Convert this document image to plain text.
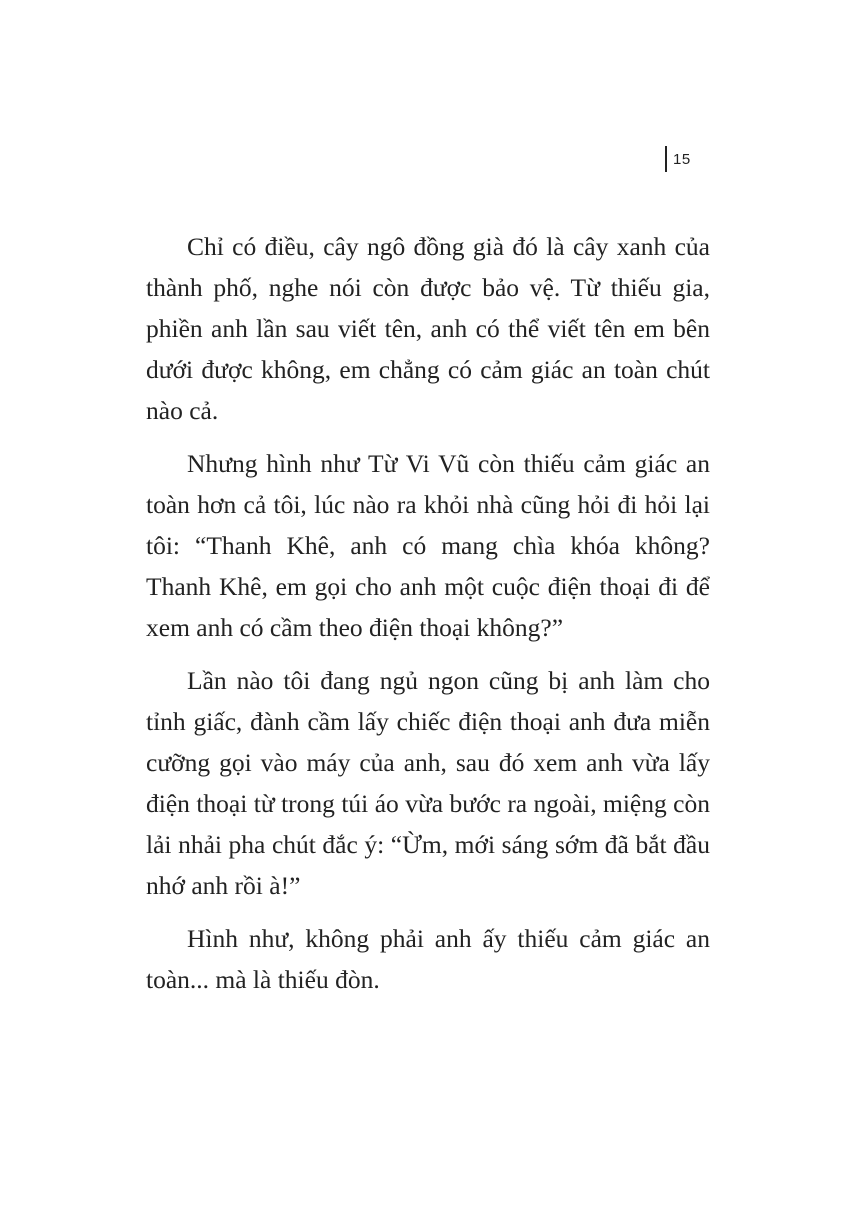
15

Chỉ có điều, cây ngô đồng già đó là cây xanh của thành phố, nghe nói còn được bảo vệ. Từ thiếu gia, phiền anh lần sau viết tên, anh có thể viết tên em bên dưới được không, em chẳng có cảm giác an toàn chút nào cả.

Nhưng hình như Từ Vi Vũ còn thiếu cảm giác an toàn hơn cả tôi, lúc nào ra khỏi nhà cũng hỏi đi hỏi lại tôi: “Thanh Khê, anh có mang chìa khóa không? Thanh Khê, em gọi cho anh một cuộc điện thoại đi để xem anh có cầm theo điện thoại không?”

Lần nào tôi đang ngủ ngon cũng bị anh làm cho tỉnh giấc, đành cầm lấy chiếc điện thoại anh đưa miễn cưỡng gọi vào máy của anh, sau đó xem anh vừa lấy điện thoại từ trong túi áo vừa bước ra ngoài, miệng còn lải nhải pha chút đắc ý: “Ừm, mới sáng sớm đã bắt đầu nhớ anh rồi à!”

Hình như, không phải anh ấy thiếu cảm giác an toàn... mà là thiếu đòn.
